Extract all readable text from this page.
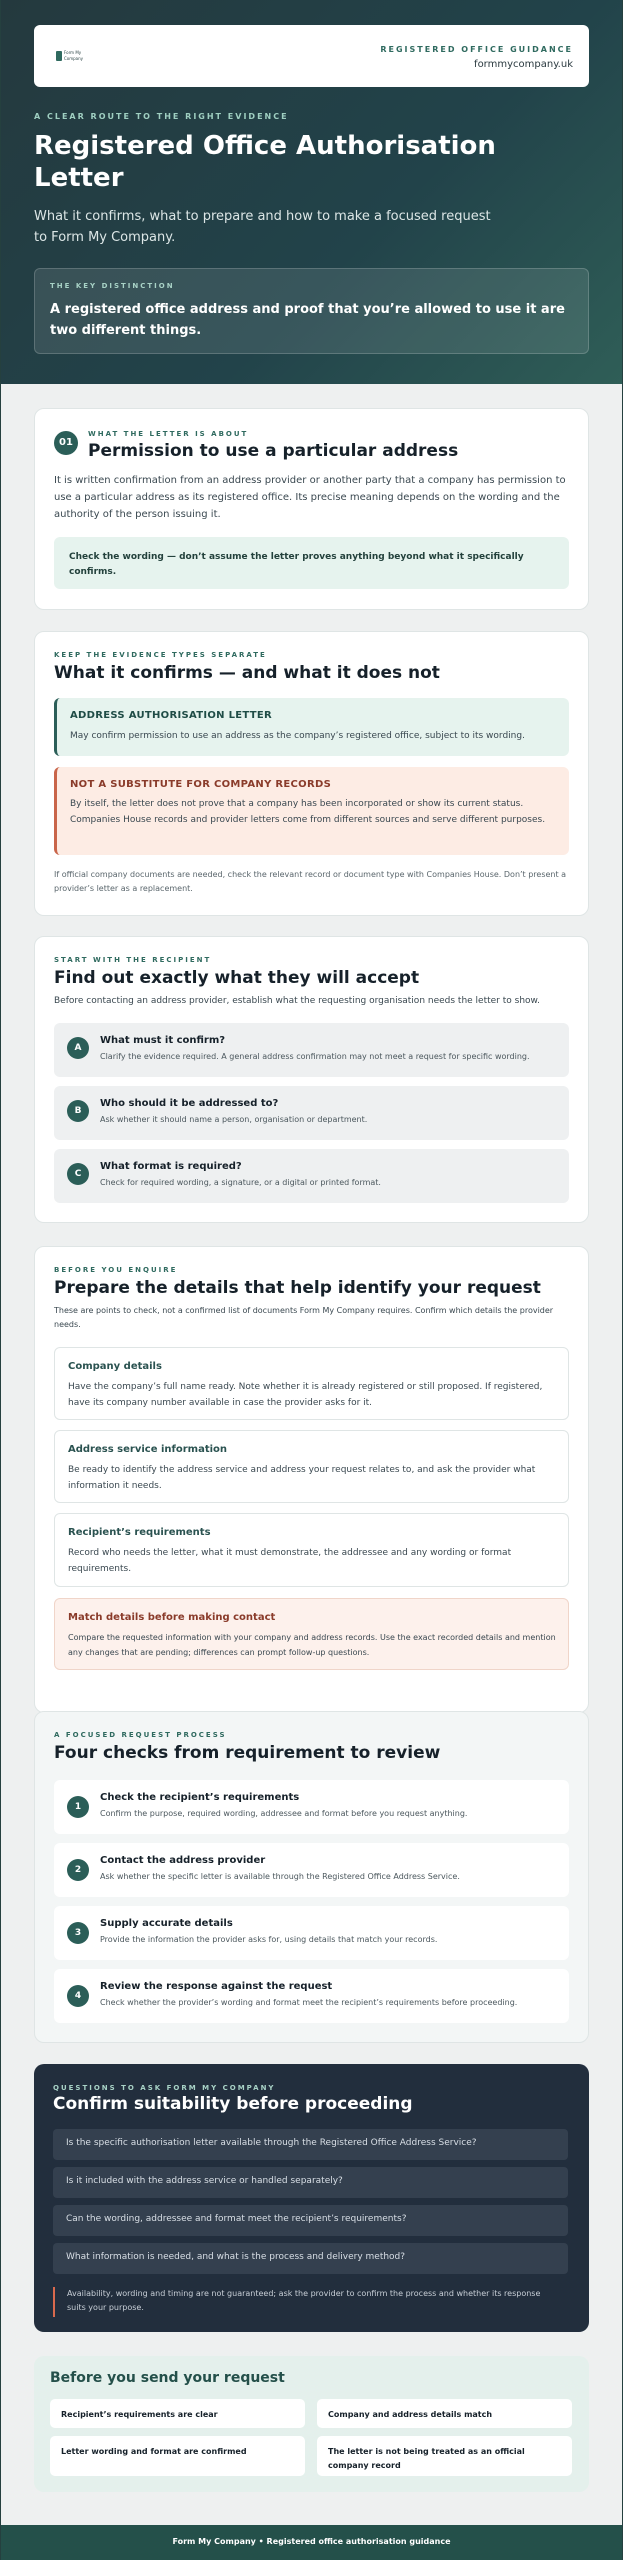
Form My
Company
REGISTERED OFFICE GUIDANCE
formmycompany.uk
A CLEAR ROUTE TO THE RIGHT EVIDENCE
Registered Office Authorisation Letter

What it confirms, what to prepare and how to make a focused request to Form My Company.

THE KEY DISTINCTION
A registered office address and proof that you’re allowed to use it are two different things.
01
WHAT THE LETTER IS ABOUT
Permission to use a particular address

It is written confirmation from an address provider or another party that a company has permission to use a particular address as its registered office. Its precise meaning depends on the wording and the authority of the person issuing it.

Check the wording — don’t assume the letter proves anything beyond what it specifically confirms.
KEEP THE EVIDENCE TYPES SEPARATE
What it confirms — and what it does not
ADDRESS AUTHORISATION LETTER
May confirm permission to use an address as the company’s registered office, subject to its wording.
NOT A SUBSTITUTE FOR COMPANY RECORDS
By itself, the letter does not prove that a company has been incorporated or show its current status. Companies House records and provider letters come from different sources and serve different purposes.

If official company documents are needed, check the relevant record or document type with Companies House. Don’t present a provider’s letter as a replacement.

START WITH THE RECIPIENT
Find out exactly what they will accept

Before contacting an address provider, establish what the requesting organisation needs the letter to show.

A
What must it confirm?
Clarify the evidence required. A general address confirmation may not meet a request for specific wording.
B
Who should it be addressed to?
Ask whether it should name a person, organisation or department.
C
What format is required?
Check for required wording, a signature, or a digital or printed format.
BEFORE YOU ENQUIRE
Prepare the details that help identify your request

These are points to check, not a confirmed list of documents Form My Company requires. Confirm which details the provider needs.

Company details
Have the company’s full name ready. Note whether it is already registered or still proposed. If registered, have its company number available in case the provider asks for it.
Address service information
Be ready to identify the address service and address your request relates to, and ask the provider what information it needs.
Recipient’s requirements
Record who needs the letter, what it must demonstrate, the addressee and any wording or format requirements.
Match details before making contact
Compare the requested information with your company and address records. Use the exact recorded details and mention any changes that are pending; differences can prompt follow-up questions.
A FOCUSED REQUEST PROCESS
Four checks from requirement to review
1
Check the recipient’s requirements
Confirm the purpose, required wording, addressee and format before you request anything.
2
Contact the address provider
Ask whether the specific letter is available through the Registered Office Address Service.
3
Supply accurate details
Provide the information the provider asks for, using details that match your records.
4
Review the response against the request
Check whether the provider’s wording and format meet the recipient’s requirements before proceeding.
QUESTIONS TO ASK FORM MY COMPANY
Confirm suitability before proceeding
Is the specific authorisation letter available through the Registered Office Address Service?
Is it included with the address service or handled separately?
Can the wording, addressee and format meet the recipient’s requirements?
What information is needed, and what is the process and delivery method?
Availability, wording and timing are not guaranteed; ask the provider to confirm the process and whether its response suits your purpose.
Before you send your request
Recipient’s requirements are clear	Company and address details match
Letter wording and format are confirmed	The letter is not being treated as an official company record
Form My Company • Registered office authorisation guidance
